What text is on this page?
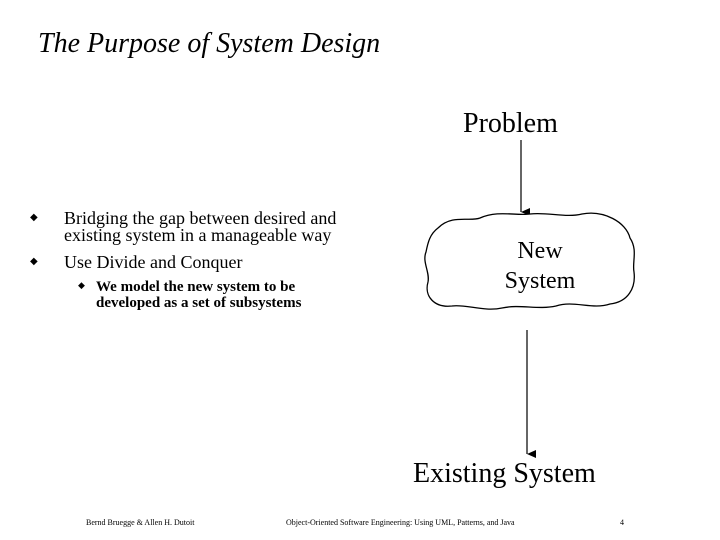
The Purpose of System Design
◆ Bridging the gap between desired and existing system in a manageable way
◆ Use Divide and Conquer
◆ We model the new system to be developed as a set of subsystems
Problem
New System
Existing System
Bernd Bruegge & Allen H. Dutoit	Object-Oriented Software Engineering: Using UML, Patterns, and Java	4
